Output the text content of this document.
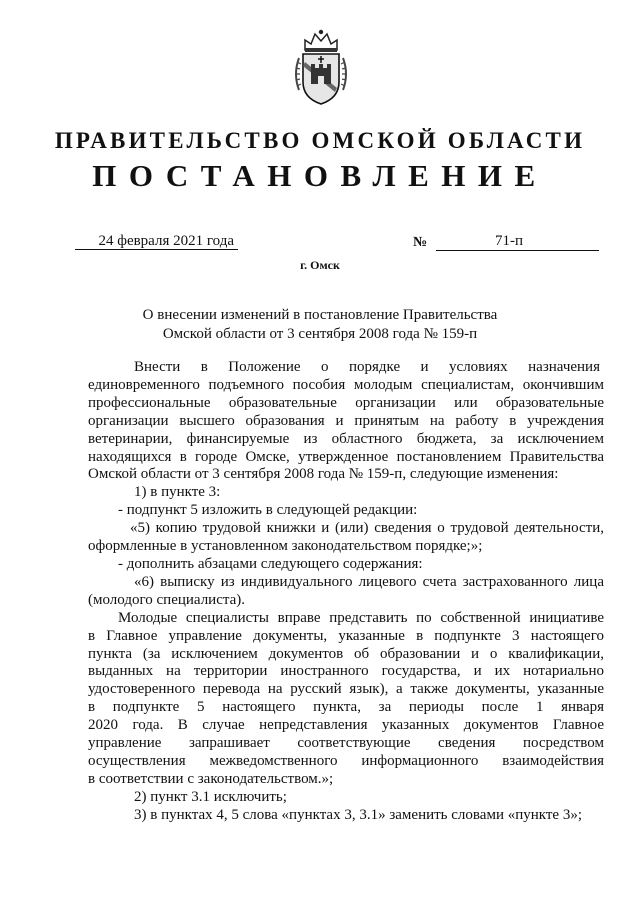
ПРАВИТЕЛЬСТВО ОМСКОЙ ОБЛАСТИ
ПОСТАНОВЛЕНИЕ
24 февраля 2021 года	№	71-п
г. Омск
О внесении изменений в постановление Правительства
Омской области от 3 сентября 2008 года № 159-п
Внести в Положение о порядке и условиях назначения
единовременного подъемного пособия молодым специалистам, окончившим
профессиональные образовательные организации или образовательные
организации высшего образования и принятым на работу в учреждения
ветеринарии, финансируемые из областного бюджета, за исключением
находящихся в городе Омске, утвержденное постановлением Правительства
Омской области от 3 сентября 2008 года № 159-п, следующие изменения:
1) в пункте 3:
- подпункт 5 изложить в следующей редакции:
«5) копию трудовой книжки и (или) сведения о трудовой деятельности,
оформленные в установленном законодательством порядке;»;
- дополнить абзацами следующего содержания:
«6) выписку из индивидуального лицевого счета застрахованного лица
(молодого специалиста).
Молодые специалисты вправе представить по собственной инициативе
в Главное управление документы, указанные в подпункте 3 настоящего
пункта (за исключением документов об образовании и о квалификации,
выданных на территории иностранного государства, и их нотариально
удостоверенного перевода на русский язык), а также документы, указанные
в подпункте 5 настоящего пункта, за периоды после 1 января
2020 года. В случае непредставления указанных документов Главное
управление запрашивает соответствующие сведения посредством
осуществления межведомственного информационного взаимодействия
в соответствии с законодательством.»;
2) пункт 3.1 исключить;
3) в пунктах 4, 5 слова «пунктах 3, 3.1» заменить словами «пункте 3»;
